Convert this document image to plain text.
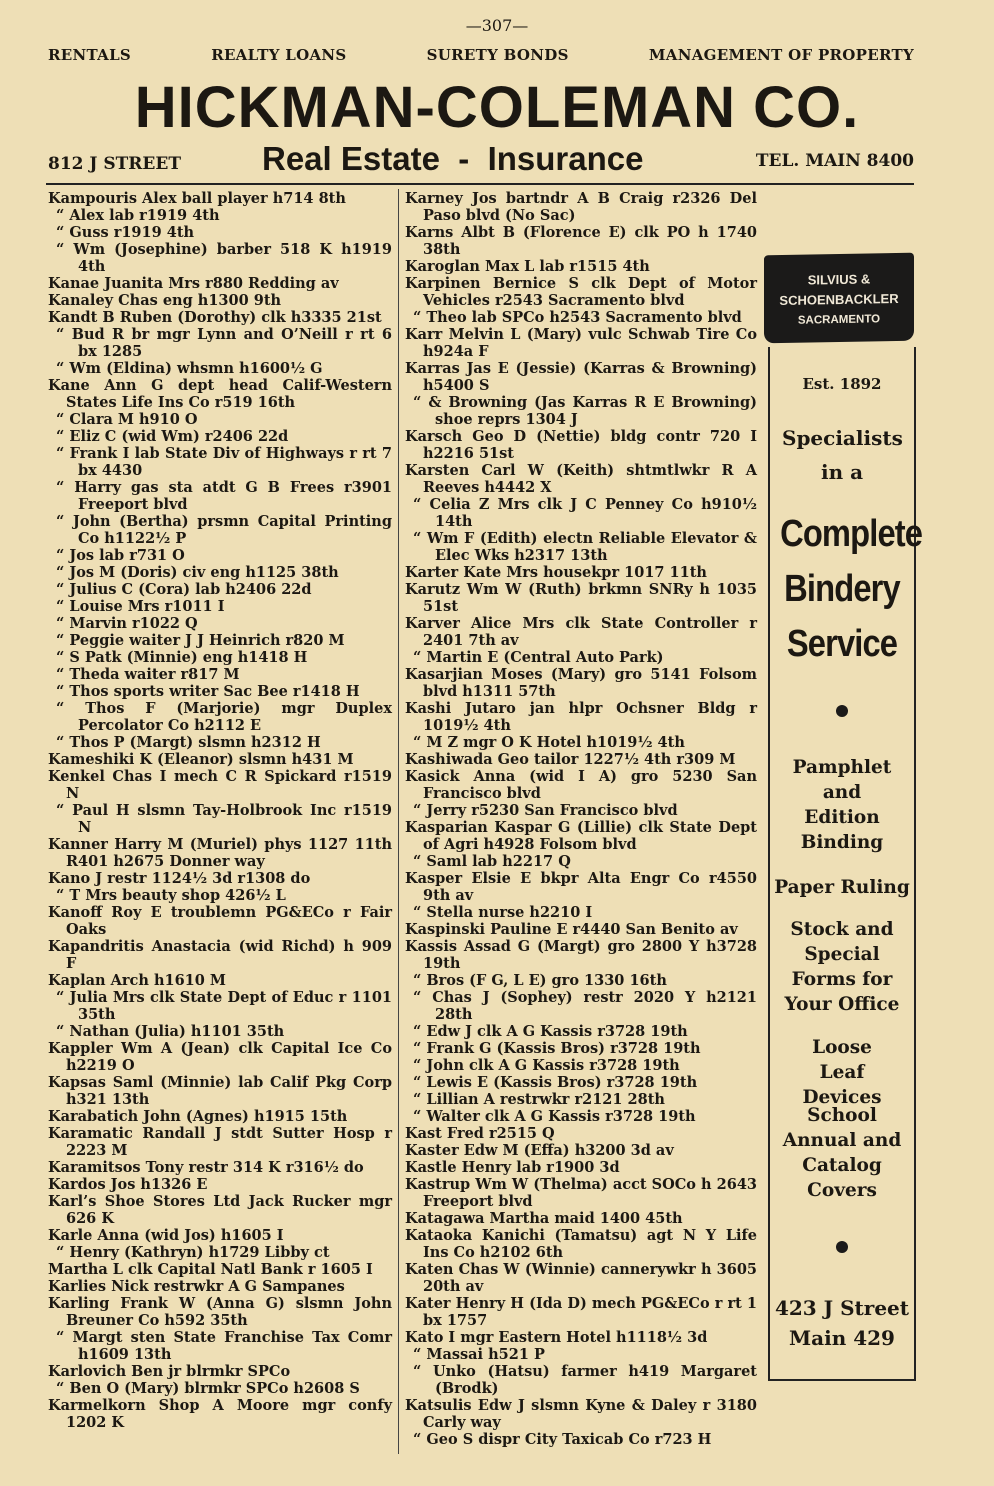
—307—
RENTALS	REALTY LOANS	SURETY BONDS	MANAGEMENT OF PROPERTY
HICKMAN-COLEMAN CO.
812 J STREET Real Estate  -  Insurance	TEL. MAIN 8400
Kampouris Alex ball player h714 8th
“ Alex lab r1919 4th
“ Guss r1919 4th
“ Wm (Josephine) barber 518 K h1919 4th
Kanae Juanita Mrs r880 Redding av
Kanaley Chas eng h1300 9th
Kandt B Ruben (Dorothy) clk h3335 21st
“ Bud R br mgr Lynn and O’Neill r rt 6 bx 1285
“ Wm (Eldina) whsmn h1600½ G
Kane Ann G dept head Calif-Western States Life Ins Co r519 16th
“ Clara M h910 O
“ Eliz C (wid Wm) r2406 22d
“ Frank I lab State Div of Highways r rt 7 bx 4430
“ Harry gas sta atdt G B Frees r3901 Freeport blvd
“ John (Bertha) prsmn Capital Printing Co h1122½ P
“ Jos lab r731 O
“ Jos M (Doris) civ eng h1125 38th
“ Julius C (Cora) lab h2406 22d
“ Louise Mrs r1011 I
“ Marvin r1022 Q
“ Peggie waiter J J Heinrich r820 M
“ S Patk (Minnie) eng h1418 H
“ Theda waiter r817 M
“ Thos sports writer Sac Bee r1418 H
“ Thos F (Marjorie) mgr Duplex Percolator Co h2112 E
“ Thos P (Margt) slsmn h2312 H
Kameshiki K (Eleanor) slsmn h431 M
Kenkel Chas I mech C R Spickard r1519 N
“ Paul H slsmn Tay-Holbrook Inc r1519 N
Kanner Harry M (Muriel) phys 1127 11th R401 h2675 Donner way
Kano J restr 1124½ 3d r1308 do
“ T Mrs beauty shop 426½ L
Kanoff Roy E troublemn PG&ECo r Fair Oaks
Kapandritis Anastacia (wid Richd) h 909 F
Kaplan Arch h1610 M
“ Julia Mrs clk State Dept of Educ r 1101 35th
“ Nathan (Julia) h1101 35th
Kappler Wm A (Jean) clk Capital Ice Co h2219 O
Kapsas Saml (Minnie) lab Calif Pkg Corp h321 13th
Karabatich John (Agnes) h1915 15th
Karamatic Randall J stdt Sutter Hosp r 2223 M
Karamitsos Tony restr 314 K r316½ do
Kardos Jos h1326 E
Karl’s Shoe Stores Ltd Jack Rucker mgr 626 K
Karle Anna (wid Jos) h1605 I
“ Henry (Kathryn) h1729 Libby ct
Martha L clk Capital Natl Bank r 1605 I
Karlies Nick restrwkr A G Sampanes
Karling Frank W (Anna G) slsmn John Breuner Co h592 35th
“ Margt sten State Franchise Tax Comr h1609 13th
Karlovich Ben jr blrmkr SPCo
“ Ben O (Mary) blrmkr SPCo h2608 S
Karmelkorn Shop A Moore mgr confy 1202 K
Karney Jos bartndr A B Craig r2326 Del Paso blvd (No Sac)
Karns Albt B (Florence E) clk PO h 1740 38th
Karoglan Max L lab r1515 4th
Karpinen Bernice S clk Dept of Motor Vehicles r2543 Sacramento blvd
“ Theo lab SPCo h2543 Sacramento blvd
Karr Melvin L (Mary) vulc Schwab Tire Co h924a F
Karras Jas E (Jessie) (Karras & Browning) h5400 S
“ & Browning (Jas Karras R E Browning) shoe reprs 1304 J
Karsch Geo D (Nettie) bldg contr 720 I h2216 51st
Karsten Carl W (Keith) shtmtlwkr R A Reeves h4442 X
“ Celia Z Mrs clk J C Penney Co h910½ 14th
“ Wm F (Edith) electn Reliable Elevator & Elec Wks h2317 13th
Karter Kate Mrs housekpr 1017 11th
Karutz Wm W (Ruth) brkmn SNRy h 1035 51st
Karver Alice Mrs clk State Controller r 2401 7th av
“ Martin E (Central Auto Park)
Kasarjian Moses (Mary) gro 5141 Folsom blvd h1311 57th
Kashi Jutaro jan hlpr Ochsner Bldg r 1019½ 4th
“ M Z mgr O K Hotel h1019½ 4th
Kashiwada Geo tailor 1227½ 4th r309 M
Kasick Anna (wid I A) gro 5230 San Francisco blvd
“ Jerry r5230 San Francisco blvd
Kasparian Kaspar G (Lillie) clk State Dept of Agri h4928 Folsom blvd
“ Saml lab h2217 Q
Kasper Elsie E bkpr Alta Engr Co r4550 9th av
“ Stella nurse h2210 I
Kaspinski Pauline E r4440 San Benito av
Kassis Assad G (Margt) gro 2800 Y h3728 19th
“ Bros (F G, L E) gro 1330 16th
“ Chas J (Sophey) restr 2020 Y h2121 28th
“ Edw J clk A G Kassis r3728 19th
“ Frank G (Kassis Bros) r3728 19th
“ John clk A G Kassis r3728 19th
“ Lewis E (Kassis Bros) r3728 19th
“ Lillian A restrwkr r2121 28th
“ Walter clk A G Kassis r3728 19th
Kast Fred r2515 Q
Kaster Edw M (Effa) h3200 3d av
Kastle Henry lab r1900 3d
Kastrup Wm W (Thelma) acct SOCo h 2643 Freeport blvd
Katagawa Martha maid 1400 45th
Kataoka Kanichi (Tamatsu) agt N Y Life Ins Co h2102 6th
Katen Chas W (Winnie) cannerywkr h 3605 20th av
Kater Henry H (Ida D) mech PG&ECo r rt 1 bx 1757
Kato I mgr Eastern Hotel h1118½ 3d
“ Massai h521 P
“ Unko (Hatsu) farmer h419 Margaret (Brodk)
Katsulis Edw J slsmn Kyne & Daley r 3180 Carly way
“ Geo S dispr City Taxicab Co r723 H
SILVIUS &
SCHOENBACKLER
SACRAMENTO
Est. 1892
Specialists in a
Complete
Bindery
Service
Pamphlet and Edition Binding
Paper Ruling
Stock and Special Forms for Your Office
Loose Leaf Devices
School Annual and Catalog Covers
423 J Street
Main 429
